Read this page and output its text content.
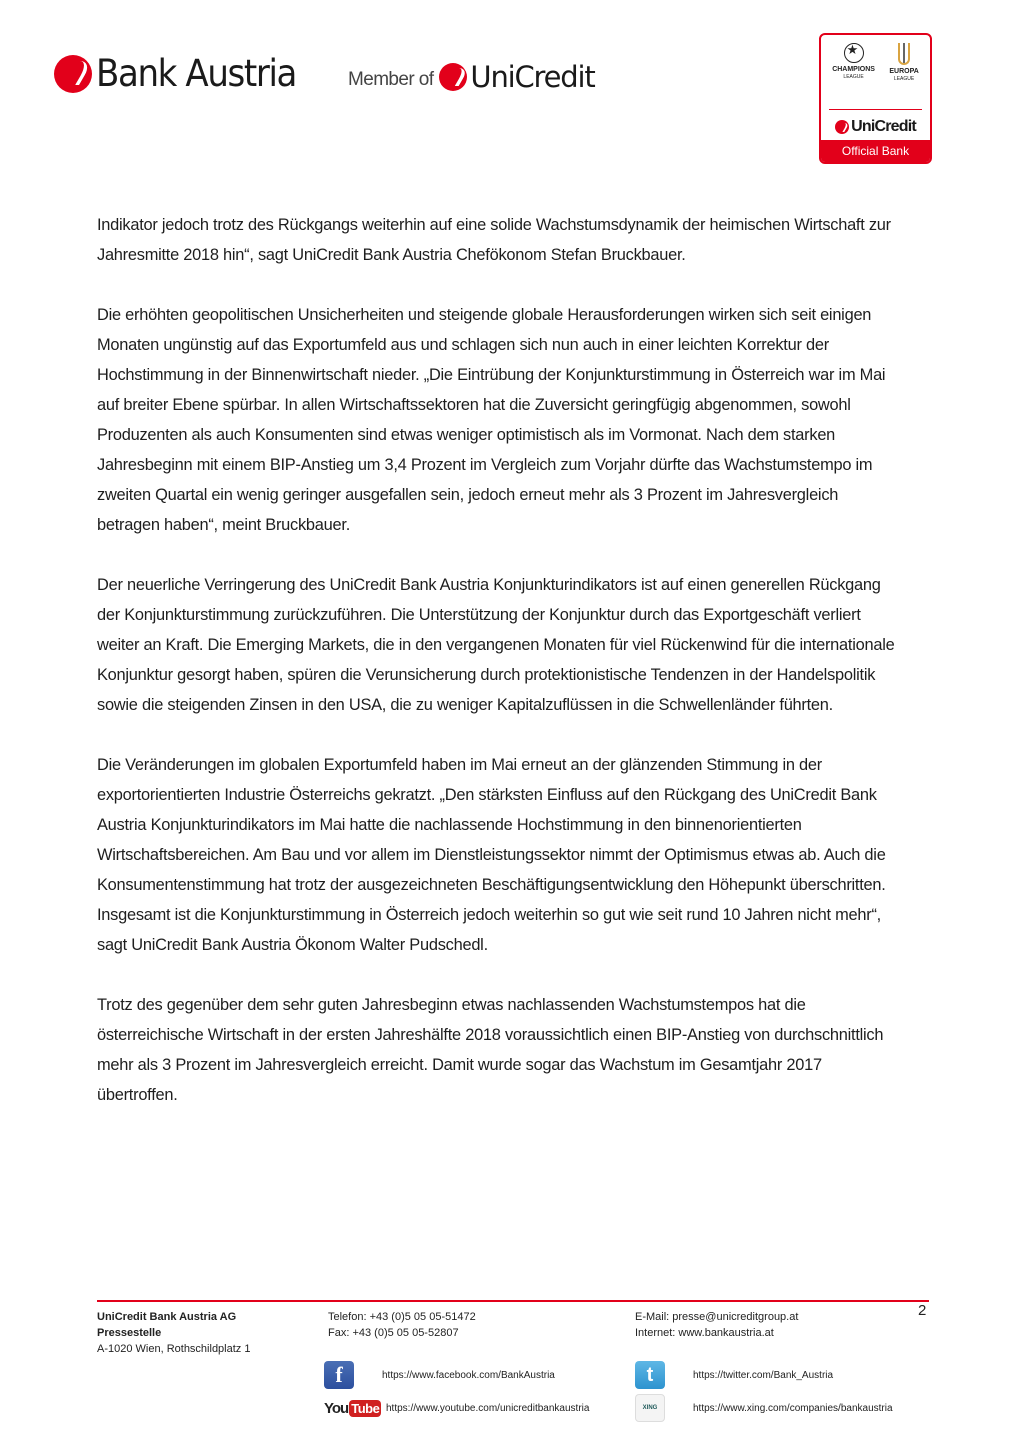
Bank Austria	Member of UniCredit
★	CHAMPIONS
LEAGUE
EUROPA
LEAGUE
UniCredit
Official Bank

Indikator jedoch trotz des Rückgangs weiterhin auf eine solide Wachstumsdynamik der heimischen Wirtschaft zur Jahresmitte 2018 hin“, sagt UniCredit Bank Austria Chefökonom Stefan Bruckbauer.

Die erhöhten geopolitischen Unsicherheiten und steigende globale Herausforderungen wirken sich seit einigen Monaten ungünstig auf das Exportumfeld aus und schlagen sich nun auch in einer leichten Korrektur der Hochstimmung in der Binnenwirtschaft nieder. „Die Eintrübung der Konjunkturstimmung in Österreich war im Mai auf breiter Ebene spürbar. In allen Wirtschaftssektoren hat die Zuversicht geringfügig abgenommen, sowohl Produzenten als auch Konsumenten sind etwas weniger optimistisch als im Vormonat. Nach dem starken Jahresbeginn mit einem BIP-Anstieg um 3,4 Prozent im Vergleich zum Vorjahr dürfte das Wachstumstempo im zweiten Quartal ein wenig geringer ausgefallen sein, jedoch erneut mehr als 3 Prozent im Jahresvergleich betragen haben“, meint Bruckbauer.

Der neuerliche Verringerung des UniCredit Bank Austria Konjunkturindikators ist auf einen generellen Rückgang der Konjunkturstimmung zurückzuführen. Die Unterstützung der Konjunktur durch das Exportgeschäft verliert weiter an Kraft. Die Emerging Markets, die in den vergangenen Monaten für viel Rückenwind für die internationale Konjunktur gesorgt haben, spüren die Verunsicherung durch protektionistische Tendenzen in der Handelspolitik sowie die steigenden Zinsen in den USA, die zu weniger Kapitalzuflüssen in die Schwellenländer führten.

Die Veränderungen im globalen Exportumfeld haben im Mai erneut an der glänzenden Stimmung in der exportorientierten Industrie Österreichs gekratzt. „Den stärksten Einfluss auf den Rückgang des UniCredit Bank Austria Konjunkturindikators im Mai hatte die nachlassende Hochstimmung in den binnenorientierten Wirtschaftsbereichen. Am Bau und vor allem im Dienstleistungssektor nimmt der Optimismus etwas ab. Auch die Konsumentenstimmung hat trotz der ausgezeichneten Beschäftigungsentwicklung den Höhepunkt überschritten. Insgesamt ist die Konjunkturstimmung in Österreich jedoch weiterhin so gut wie seit rund 10 Jahren nicht mehr“, sagt UniCredit Bank Austria Ökonom Walter Pudschedl.

Trotz des gegenüber dem sehr guten Jahresbeginn etwas nachlassenden Wachstumstempos hat die österreichische Wirtschaft in der ersten Jahreshälfte 2018 voraussichtlich einen BIP-Anstieg von durchschnittlich mehr als 3 Prozent im Jahresvergleich erreicht. Damit wurde sogar das Wachstum im Gesamtjahr 2017 übertroffen.

2
UniCredit Bank Austria AG
Pressestelle
A-1020 Wien, Rothschildplatz 1
Telefon: +43 (0)5 05 05-51472
Fax: +43 (0)5 05 05-52807
E-Mail: presse@unicreditgroup.at
Internet: www.bankaustria.at
f	https://www.facebook.com/BankAustria
You Tube https://www.youtube.com/unicreditbankaustria
t	https://twitter.com/Bank_Austria
XING	https://www.xing.com/companies/bankaustria
